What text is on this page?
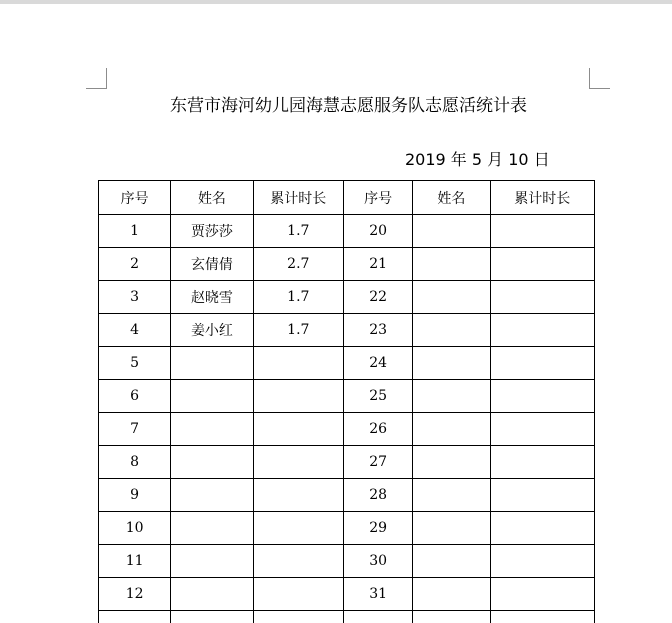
东营市海河幼儿园海慧志愿服务队志愿活统计表
2019 年 5 月 10 日
序号	姓名	累计时长	序号	姓名	累计时长
1	贾莎莎	1.7	20		
2	玄倩倩	2.7	21		
3	赵晓雪	1.7	22		
4	姜小红	1.7	23		
5			24		
6			25		
7			26		
8			27		
9			28		
10			29		
11			30		
12			31		
